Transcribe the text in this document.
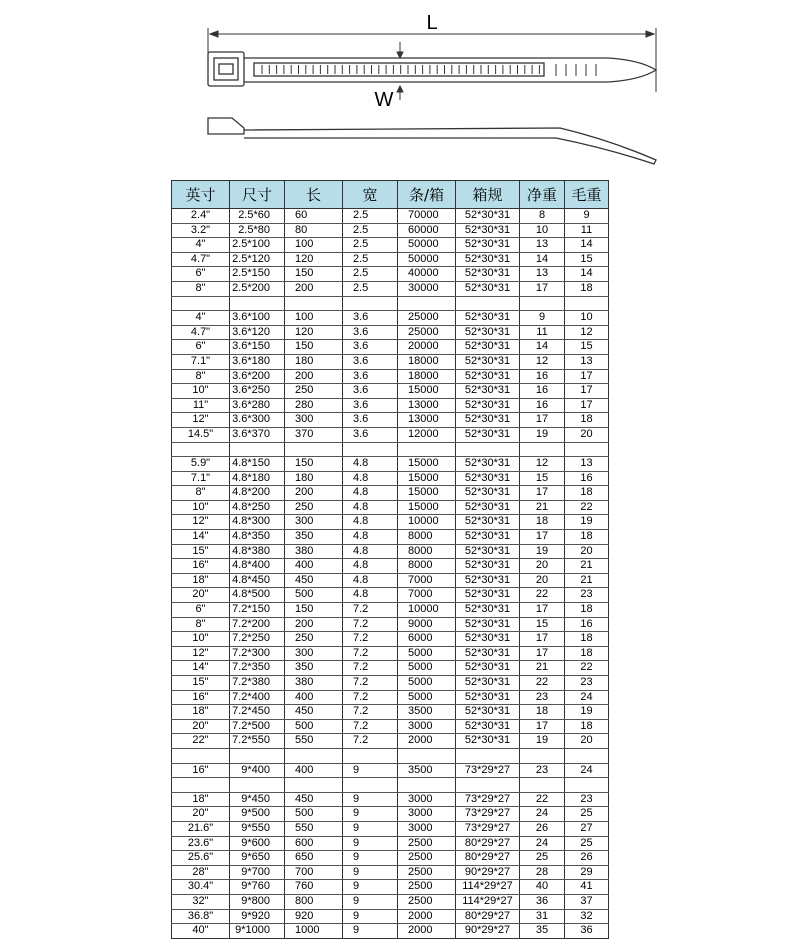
L
W
英寸	尺寸	长	宽	条/箱	箱规	净重	毛重
2.4"	2.5*60	60	2.5	70000	52*30*31	8	9
3.2"	2.5*80	80	2.5	60000	52*30*31	10	11
4"	2.5*100	100	2.5	50000	52*30*31	13	14
4.7"	2.5*120	120	2.5	50000	52*30*31	14	15
6"	2.5*150	150	2.5	40000	52*30*31	13	14
8"	2.5*200	200	2.5	30000	52*30*31	17	18

4"	3.6*100	100	3.6	25000	52*30*31	9	10
4.7"	3.6*120	120	3.6	25000	52*30*31	11	12
6"	3.6*150	150	3.6	20000	52*30*31	14	15
7.1"	3.6*180	180	3.6	18000	52*30*31	12	13
8"	3.6*200	200	3.6	18000	52*30*31	16	17
10"	3.6*250	250	3.6	15000	52*30*31	16	17
11"	3.6*280	280	3.6	13000	52*30*31	16	17
12"	3.6*300	300	3.6	13000	52*30*31	17	18
14.5"	3.6*370	370	3.6	12000	52*30*31	19	20

5.9"	4.8*150	150	4.8	15000	52*30*31	12	13
7.1"	4.8*180	180	4.8	15000	52*30*31	15	16
8"	4.8*200	200	4.8	15000	52*30*31	17	18
10"	4.8*250	250	4.8	15000	52*30*31	21	22
12"	4.8*300	300	4.8	10000	52*30*31	18	19
14"	4.8*350	350	4.8	8000	52*30*31	17	18
15"	4.8*380	380	4.8	8000	52*30*31	19	20
16"	4.8*400	400	4.8	8000	52*30*31	20	21
18"	4.8*450	450	4.8	7000	52*30*31	20	21
20"	4.8*500	500	4.8	7000	52*30*31	22	23
6"	7.2*150	150	7.2	10000	52*30*31	17	18
8"	7.2*200	200	7.2	9000	52*30*31	15	16
10"	7.2*250	250	7.2	6000	52*30*31	17	18
12"	7.2*300	300	7.2	5000	52*30*31	17	18
14"	7.2*350	350	7.2	5000	52*30*31	21	22
15"	7.2*380	380	7.2	5000	52*30*31	22	23
16"	7.2*400	400	7.2	5000	52*30*31	23	24
18"	7.2*450	450	7.2	3500	52*30*31	18	19
20"	7.2*500	500	7.2	3000	52*30*31	17	18
22"	7.2*550	550	7.2	2000	52*30*31	19	20

16"	9*400	400	9	3500	73*29*27	23	24

18"	9*450	450	9	3000	73*29*27	22	23
20"	9*500	500	9	3000	73*29*27	24	25
21.6"	9*550	550	9	3000	73*29*27	26	27
23.6"	9*600	600	9	2500	80*29*27	24	25
25.6"	9*650	650	9	2500	80*29*27	25	26
28"	9*700	700	9	2500	90*29*27	28	29
30.4"	9*760	760	9	2500	114*29*27	40	41
32"	9*800	800	9	2500	114*29*27	36	37
36.8"	9*920	920	9	2000	80*29*27	31	32
40"	9*1000	1000	9	2000	90*29*27	35	36
